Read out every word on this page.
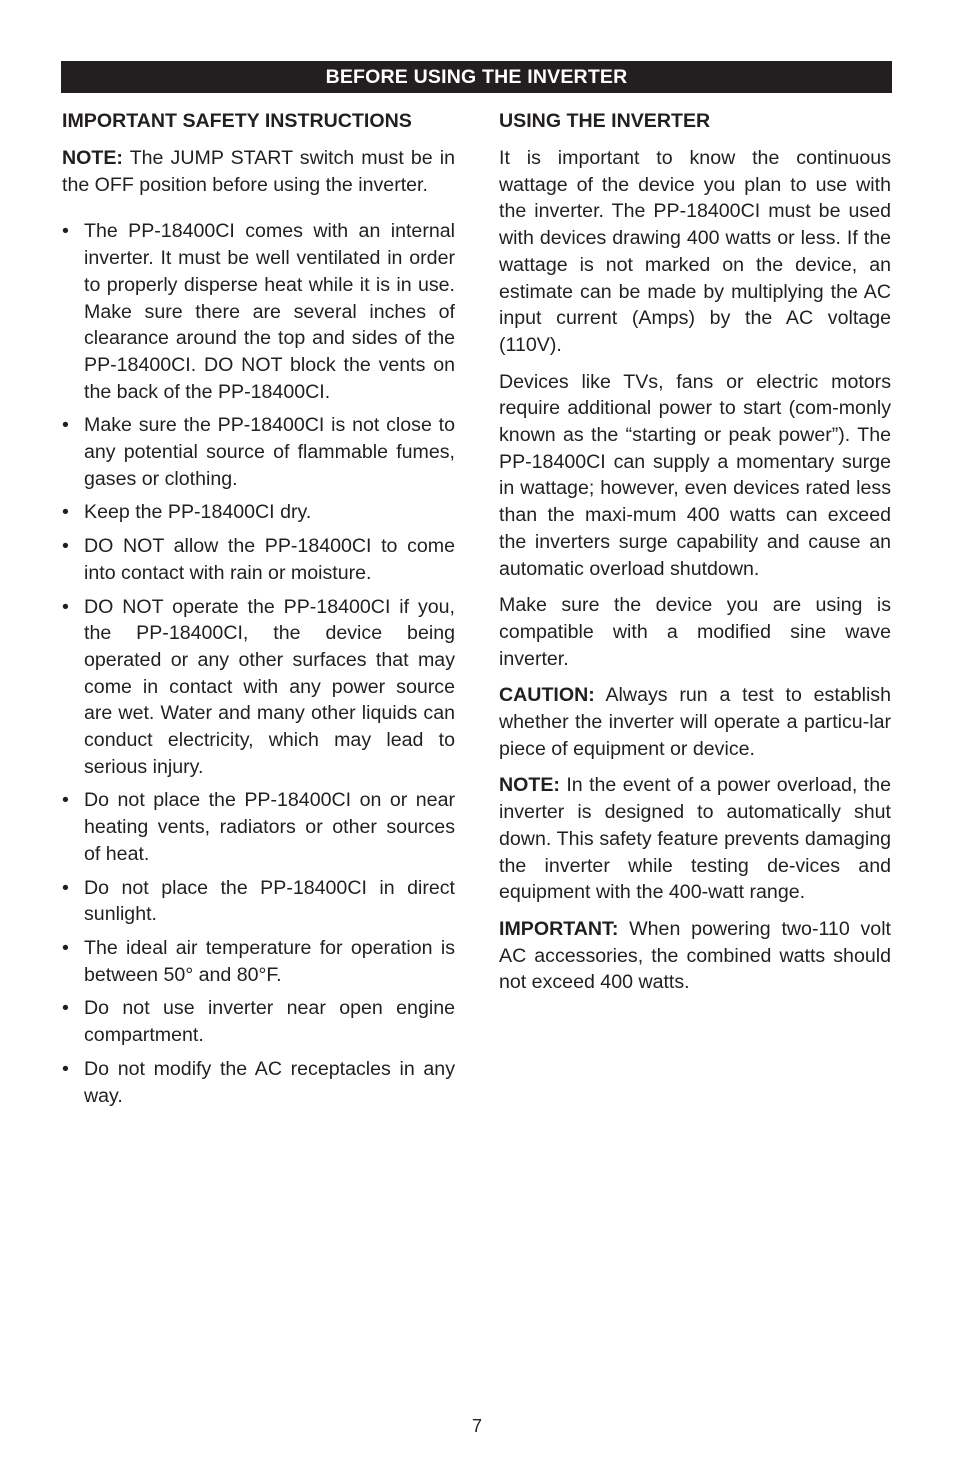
BEFORE USING THE INVERTER
IMPORTANT SAFETY INSTRUCTIONS

NOTE: The JUMP START switch must be in the OFF position before using the inverter.

• The PP-18400CI comes with an internal inverter. It must be well ventilated in order to properly disperse heat while it is in use. Make sure there are several inches of clearance around the top and sides of the PP-18400CI. DO NOT block the vents on the back of the PP-18400CI.
• Make sure the PP-18400CI is not close to any potential source of flammable fumes, gases or clothing.
• Keep the PP-18400CI dry.
• DO NOT allow the PP-18400CI to come into contact with rain or moisture.
• DO NOT operate the PP-18400CI if you, the PP-18400CI, the device being operated or any other surfaces that may come in contact with any power source are wet. Water and many other liquids can conduct electricity, which may lead to serious injury.
• Do not place the PP-18400CI on or near heating vents, radiators or other sources of heat.
• Do not place the PP-18400CI in direct sunlight.
• The ideal air temperature for operation is between 50° and 80°F.
• Do not use inverter near open engine compartment.
• Do not modify the AC receptacles in any way.
USING THE INVERTER

It is important to know the continuous wattage of the device you plan to use with the inverter. The PP-18400CI must be used with devices drawing 400 watts or less. If the wattage is not marked on the device, an estimate can be made by multiplying the AC input current (Amps) by the AC voltage (110V).

Devices like TVs, fans or electric motors require additional power to start (com-monly known as the “starting or peak power”). The PP-18400CI can supply a momentary surge in wattage; however, even devices rated less than the maxi-mum 400 watts can exceed the inverters surge capability and cause an automatic overload shutdown.

Make sure the device you are using is compatible with a modified sine wave inverter.

CAUTION: Always run a test to establish whether the inverter will operate a particu-lar piece of equipment or device.

NOTE: In the event of a power overload, the inverter is designed to automatically shut down. This safety feature prevents damaging the inverter while testing de-vices and equipment with the 400-watt range.

IMPORTANT: When powering two-110 volt AC accessories, the combined watts should not exceed 400 watts.

7
